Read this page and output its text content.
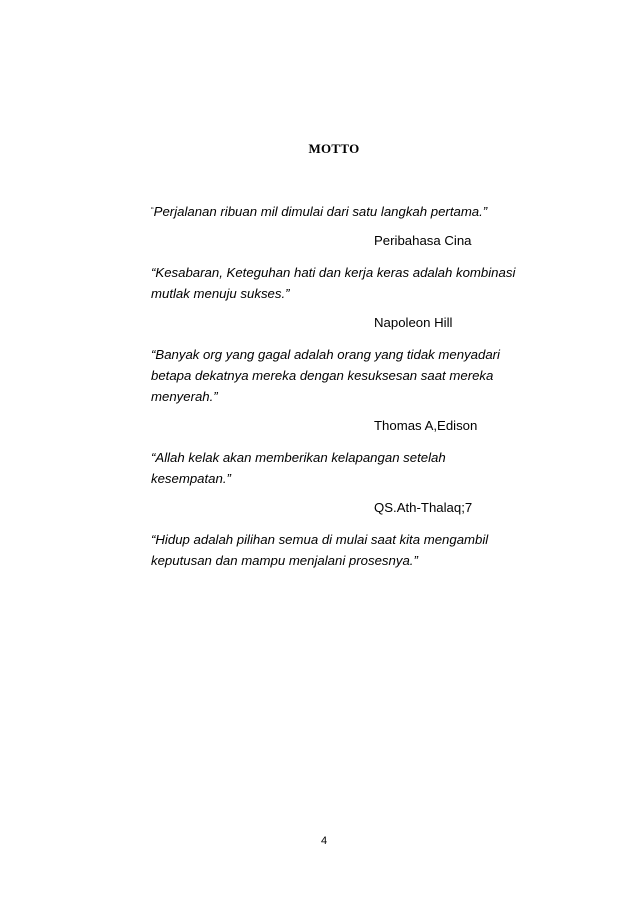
MOTTO

“Perjalanan ribuan mil dimulai dari satu langkah pertama.”

Peribahasa Cina

“Kesabaran, Keteguhan hati dan kerja keras adalah kombinasi mutlak menuju sukses.”

Napoleon Hill

“Banyak org yang gagal adalah orang yang tidak menyadari betapa dekatnya mereka dengan kesuksesan saat mereka menyerah.”

Thomas A,Edison

“Allah kelak akan memberikan kelapangan setelah kesempatan.”

QS.Ath-Thalaq;7

“Hidup adalah pilihan semua di mulai saat kita mengambil keputusan dan mampu menjalani prosesnya.”

4
